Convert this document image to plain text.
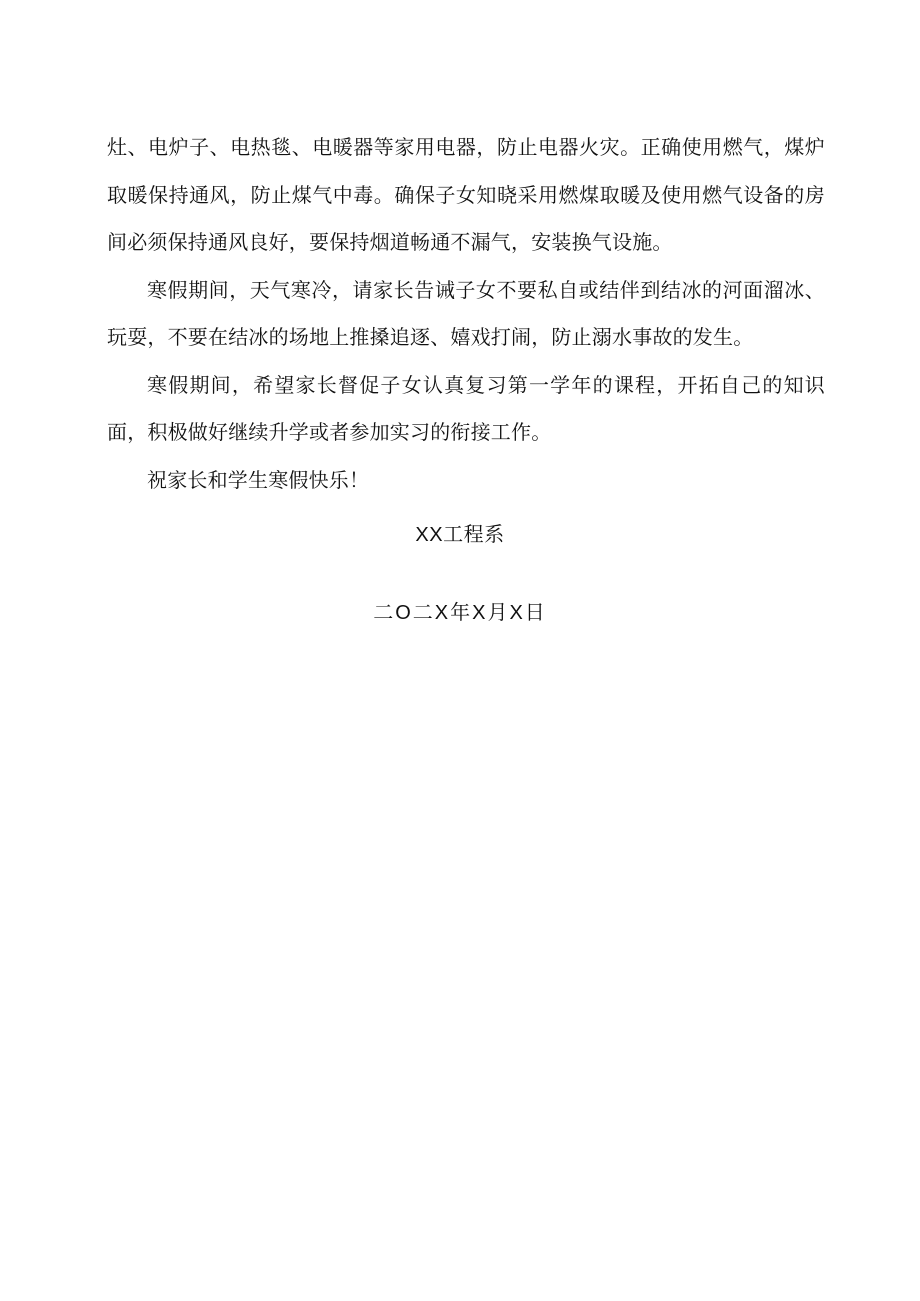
灶、电炉子、电热毯、电暖器等家用电器，防止电器火灾。正确使用燃气，煤炉取暖保持通风，防止煤气中毒。确保子女知晓采用燃煤取暖及使用燃气设备的房间必须保持通风良好，要保持烟道畅通不漏气，安装换气设施。

寒假期间，天气寒冷，请家长告诫子女不要私自或结伴到结冰的河面溜冰、玩耍，不要在结冰的场地上推搡追逐、嬉戏打闹，防止溺水事故的发生。

寒假期间，希望家长督促子女认真复习第一学年的课程，开拓自己的知识面，积极做好继续升学或者参加实习的衔接工作。

祝家长和学生寒假快乐！

XX工程系
二O二X年X月X日
